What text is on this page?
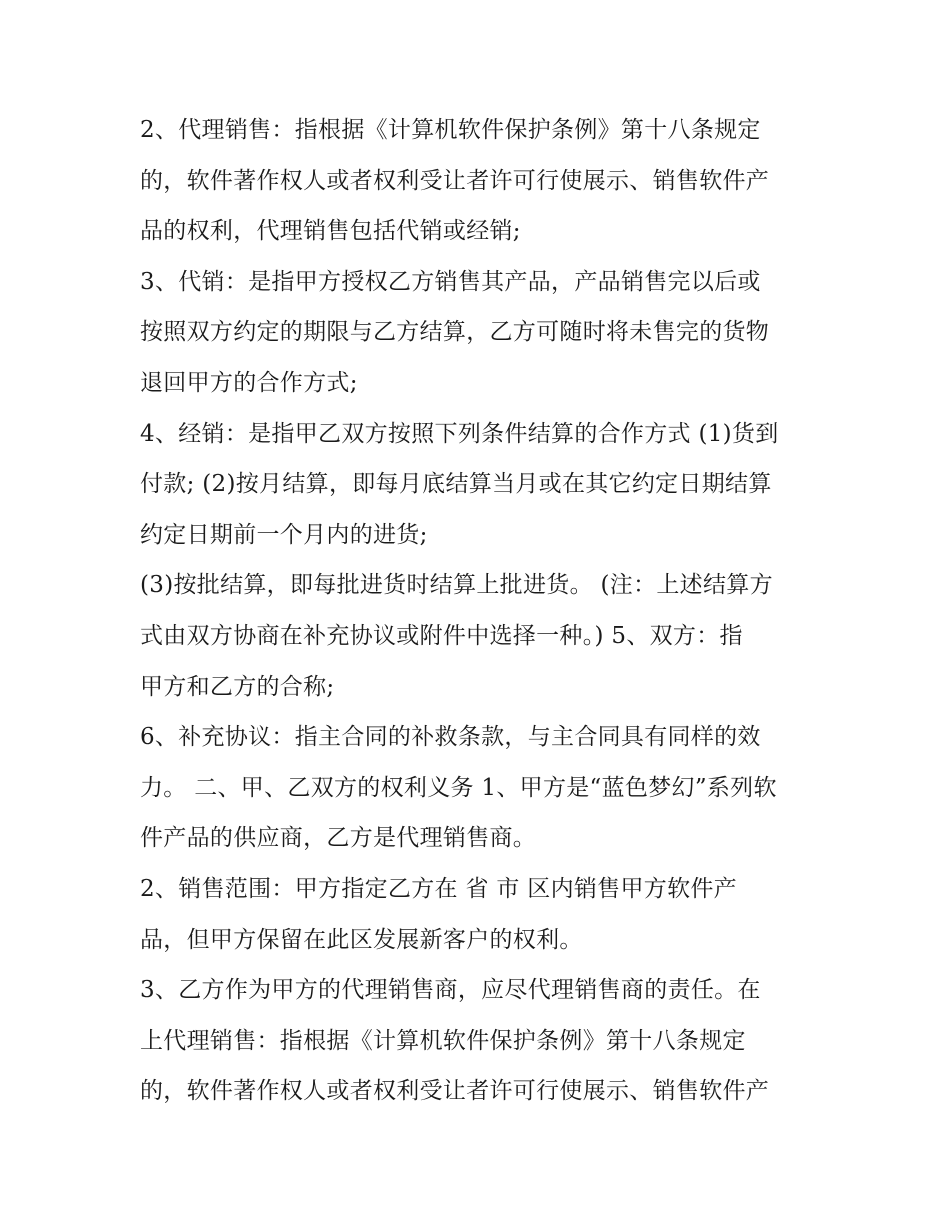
2、代理销售：指根据《计算机软件保护条例》第十八条规定
的，软件著作权人或者权利受让者许可行使展示、销售软件产
品的权利，代理销售包括代销或经销;
3、代销：是指甲方授权乙方销售其产品，产品销售完以后或
按照双方约定的期限与乙方结算，乙方可随时将未售完的货物
退回甲方的合作方式;
4、经销：是指甲乙双方按照下列条件结算的合作方式 (1)货到
付款; (2)按月结算，即每月底结算当月或在其它约定日期结算
约定日期前一个月内的进货;
(3)按批结算，即每批进货时结算上批进货。 (注：上述结算方
式由双方协商在补充协议或附件中选择一种。) 5、双方：指
甲方和乙方的合称;
6、补充协议：指主合同的补救条款，与主合同具有同样的效
力。 二、甲、乙双方的权利义务 1、甲方是“蓝色梦幻”系列软
件产品的供应商，乙方是代理销售商。
2、销售范围：甲方指定乙方在 省 市 区内销售甲方软件产
品，但甲方保留在此区发展新客户的权利。
3、乙方作为甲方的代理销售商，应尽代理销售商的责任。在
上代理销售：指根据《计算机软件保护条例》第十八条规定
的，软件著作权人或者权利受让者许可行使展示、销售软件产
